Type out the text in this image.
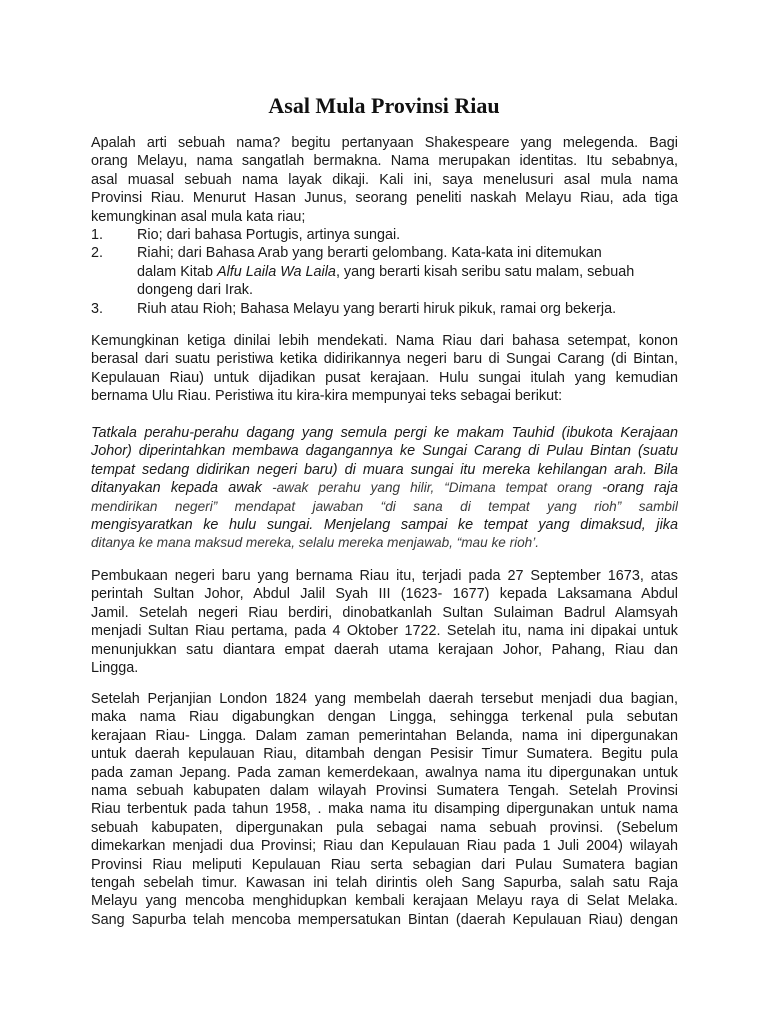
Asal Mula Provinsi Riau
Apalah arti sebuah nama? begitu pertanyaan Shakespeare yang melegenda. Bagi
orang Melayu, nama sangatlah bermakna. Nama merupakan identitas. Itu sebabnya,
asal muasal sebuah nama layak dikaji. Kali ini, saya menelusuri asal mula nama
Provinsi Riau. Menurut Hasan Junus, seorang peneliti naskah Melayu Riau, ada tiga
kemungkinan asal mula kata riau;
1. Rio; dari bahasa Portugis, artinya sungai.
2. Riahi; dari Bahasa Arab yang berarti gelombang. Kata-kata ini ditemukan
dalam Kitab Alfu Laila Wa Laila, yang berarti kisah seribu satu malam, sebuah
dongeng dari Irak.
3. Riuh atau Rioh; Bahasa Melayu yang berarti hiruk pikuk, ramai org bekerja.
Kemungkinan ketiga dinilai lebih mendekati. Nama Riau dari bahasa setempat, konon
berasal dari suatu peristiwa ketika didirikannya negeri baru di Sungai Carang (di Bintan,
Kepulauan Riau) untuk dijadikan pusat kerajaan. Hulu sungai itulah yang kemudian
bernama Ulu Riau. Peristiwa itu kira-kira mempunyai teks sebagai berikut:
Tatkala perahu-perahu dagang yang semula pergi ke makam Tauhid (ibukota Kerajaan
Johor) diperintahkan membawa dagangannya ke Sungai Carang di Pulau Bintan (suatu
tempat sedang didirikan negeri baru) di muara sungai itu mereka kehilangan arah. Bila
ditanyakan kepada awak -awak perahu yang hilir, “Dimana tempat orang -orang raja
mendirikan negeri” mendapat jawaban “di sana di tempat yang rioh” sambil
mengisyaratkan ke hulu sungai. Menjelang sampai ke tempat yang dimaksud, jika
ditanya ke mana maksud mereka, selalu mereka menjawab, “mau ke rioh’.
Pembukaan negeri baru yang bernama Riau itu, terjadi pada 27 September 1673, atas
perintah Sultan Johor, Abdul Jalil Syah III (1623- 1677) kepada Laksamana Abdul
Jamil. Setelah negeri Riau berdiri, dinobatkanlah Sultan Sulaiman Badrul Alamsyah
menjadi Sultan Riau pertama, pada 4 Oktober 1722. Setelah itu, nama ini dipakai untuk
menunjukkan satu diantara empat daerah utama kerajaan Johor, Pahang, Riau dan
Lingga.
Setelah Perjanjian London 1824 yang membelah daerah tersebut menjadi dua bagian,
maka nama Riau digabungkan dengan Lingga, sehingga terkenal pula sebutan
kerajaan Riau- Lingga. Dalam zaman pemerintahan Belanda, nama ini dipergunakan
untuk daerah kepulauan Riau, ditambah dengan Pesisir Timur Sumatera. Begitu pula
pada zaman Jepang. Pada zaman kemerdekaan, awalnya nama itu dipergunakan untuk
nama sebuah kabupaten dalam wilayah Provinsi Sumatera Tengah. Setelah Provinsi
Riau terbentuk pada tahun 1958, . maka nama itu disamping dipergunakan untuk nama
sebuah kabupaten, dipergunakan pula sebagai nama sebuah provinsi. (Sebelum
dimekarkan menjadi dua Provinsi; Riau dan Kepulauan Riau pada 1 Juli 2004) wilayah
Provinsi Riau meliputi Kepulauan Riau serta sebagian dari Pulau Sumatera bagian
tengah sebelah timur. Kawasan ini telah dirintis oleh Sang Sapurba, salah satu Raja
Melayu yang mencoba menghidupkan kembali kerajaan Melayu raya di Selat Melaka.
Sang Sapurba telah mencoba mempersatukan Bintan (daerah Kepulauan Riau) dengan
